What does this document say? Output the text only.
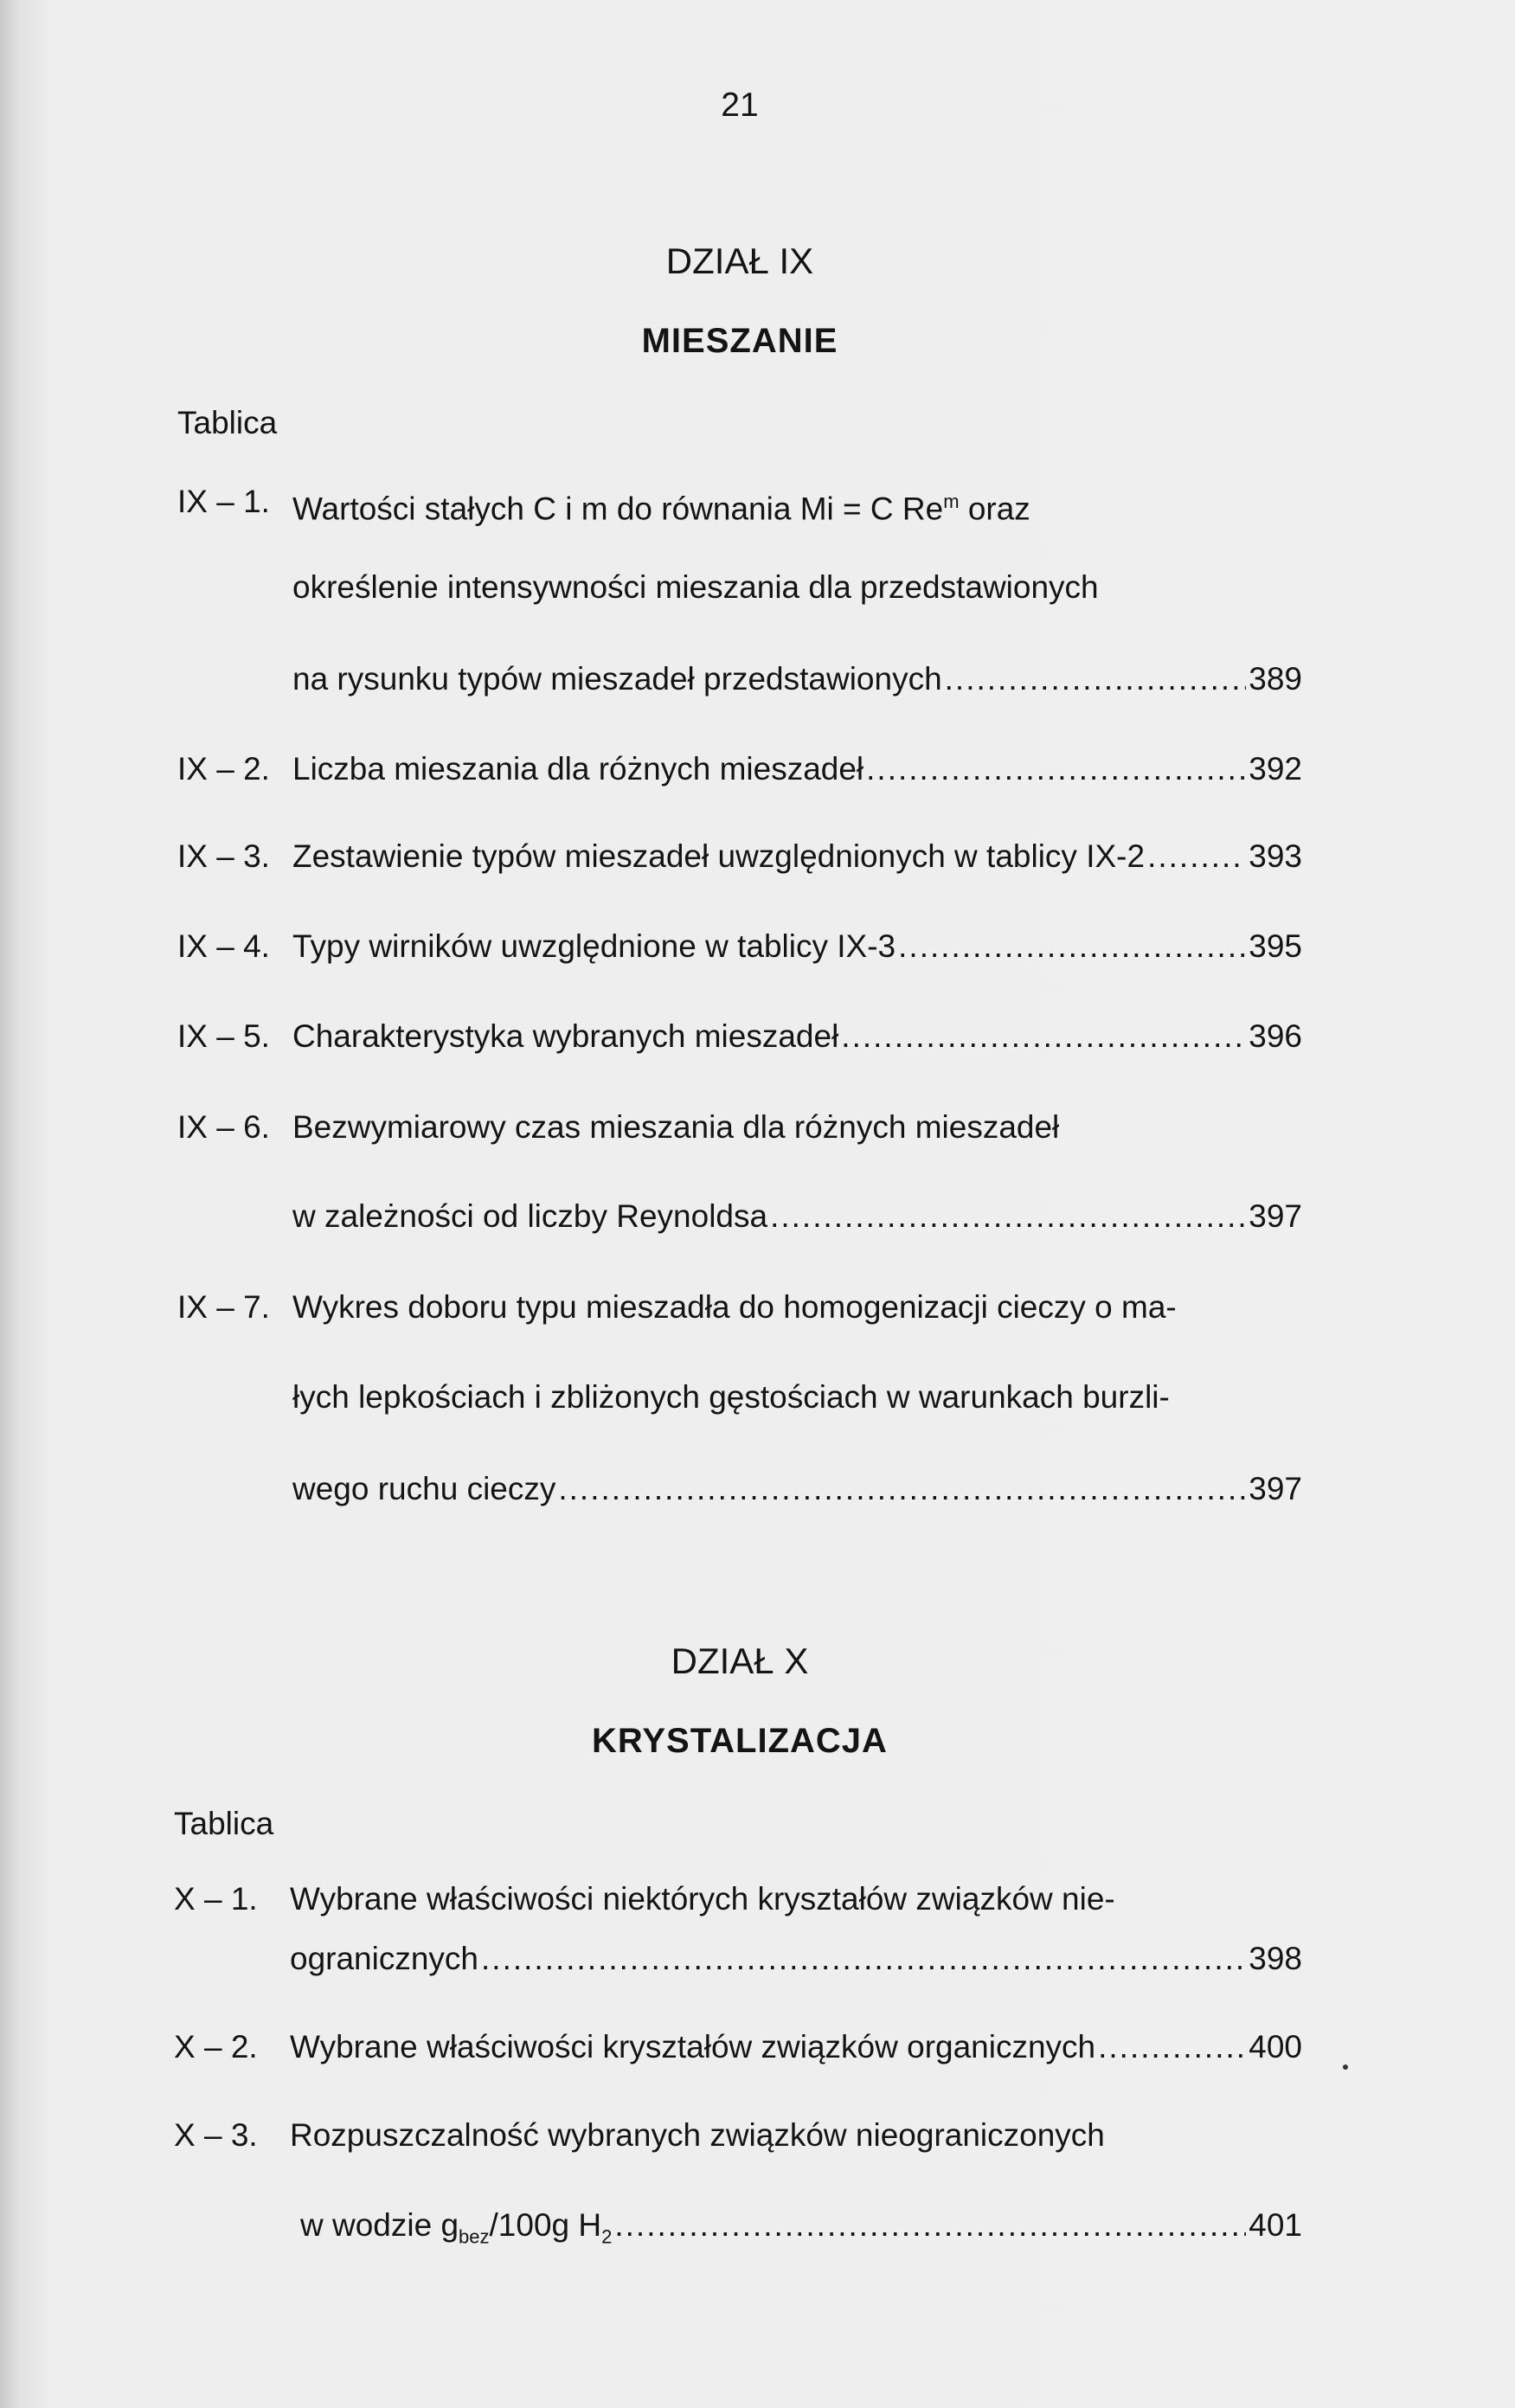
21
DZIAŁ IX
MIESZANIE
Tablica
IX – 1. Wartości stałych C i m do równania Mi = C Re$^m$ oraz
określenie intensywności mieszania dla przedstawionych
na rysunku typów mieszadeł przedstawionych .....	389
IX – 2. Liczba mieszania dla różnych mieszadeł .....	392
IX – 3. Zestawienie typów mieszadeł uwzględnionych w tablicy IX-2 .....	393
IX – 4. Typy wirników uwzględnione w tablicy IX-3 .....	395
IX – 5. Charakterystyka wybranych mieszadeł .....	396
IX – 6. Bezwymiarowy czas mieszania dla różnych mieszadeł
w zależności od liczby Reynoldsa .....	397
IX – 7. Wykres doboru typu mieszadła do homogenizacji cieczy o ma-
łych lepkościach i zbliżonych gęstościach w warunkach burzli-
wego ruchu cieczy .....	397
DZIAŁ X
KRYSTALIZACJA
Tablica
X – 1. Wybrane właściwości niektórych kryształów związków nie-
ogranicznych .....	398
X – 2. Wybrane właściwości kryształów związków organicznych .....	400
X – 3. Rozpuszczalność wybranych związków nieograniczonych
w wodzie $g_{bez}/100g$ $H_2$ .....	401
